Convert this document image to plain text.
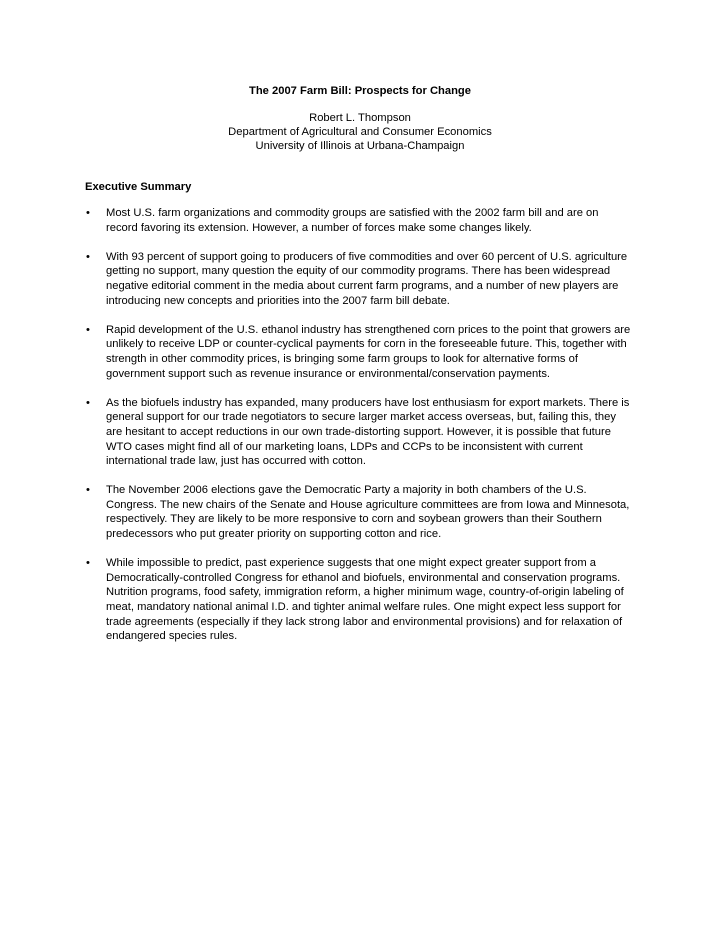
The 2007 Farm Bill: Prospects for Change
Robert L. Thompson
Department of Agricultural and Consumer Economics
University of Illinois at Urbana-Champaign
Executive Summary
• Most U.S. farm organizations and commodity groups are satisfied with the 2002 farm bill and are on record favoring its extension. However, a number of forces make some changes likely.
• With 93 percent of support going to producers of five commodities and over 60 percent of U.S. agriculture getting no support, many question the equity of our commodity programs. There has been widespread negative editorial comment in the media about current farm programs, and a number of new players are introducing new concepts and priorities into the 2007 farm bill debate.
• Rapid development of the U.S. ethanol industry has strengthened corn prices to the point that growers are unlikely to receive LDP or counter-cyclical payments for corn in the foreseeable future. This, together with strength in other commodity prices, is bringing some farm groups to look for alternative forms of government support such as revenue insurance or environmental/conservation payments.
• As the biofuels industry has expanded, many producers have lost enthusiasm for export markets. There is general support for our trade negotiators to secure larger market access overseas, but, failing this, they are hesitant to accept reductions in our own trade-distorting support. However, it is possible that future WTO cases might find all of our marketing loans, LDPs and CCPs to be inconsistent with current international trade law, just has occurred with cotton.
• The November 2006 elections gave the Democratic Party a majority in both chambers of the U.S. Congress. The new chairs of the Senate and House agriculture committees are from Iowa and Minnesota, respectively. They are likely to be more responsive to corn and soybean growers than their Southern predecessors who put greater priority on supporting cotton and rice.
• While impossible to predict, past experience suggests that one might expect greater support from a Democratically-controlled Congress for ethanol and biofuels, environmental and conservation programs. Nutrition programs, food safety, immigration reform, a higher minimum wage, country-of-origin labeling of meat, mandatory national animal I.D. and tighter animal welfare rules. One might expect less support for trade agreements (especially if they lack strong labor and environmental provisions) and for relaxation of endangered species rules.
